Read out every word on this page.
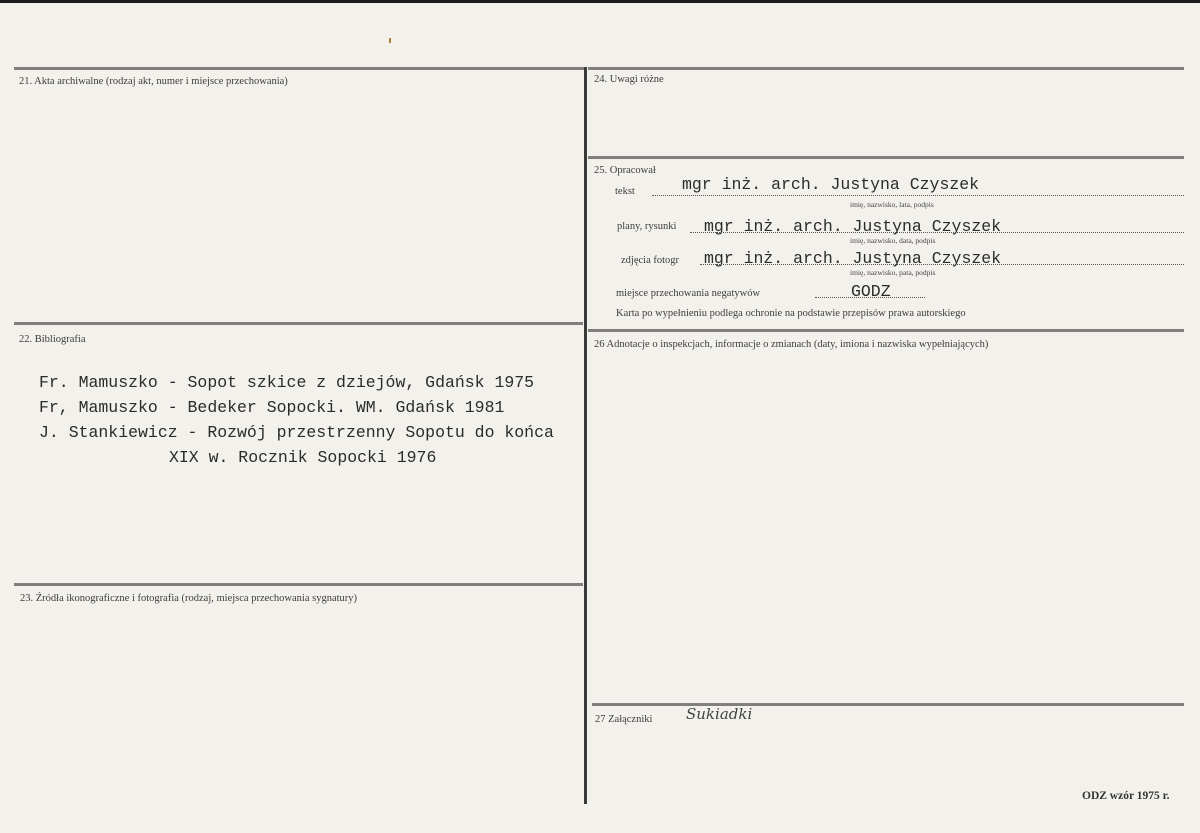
21. Akta archiwalne (rodzaj akt, numer i miejsce przechowania)
22. Bibliografia
Fr. Mamuszko - Sopot szkice z dziejów, Gdańsk 1975
Fr, Mamuszko - Bedeker Sopocki. WM. Gdańsk 1981
J. Stankiewicz - Rozwój przestrzenny Sopotu do końca
XIX w. Rocznik Sopocki 1976
23. Źródła ikonograficzne i fotografia (rodzaj, miejsca przechowania sygnatury)
24. Uwagi różne
25. Opracował
tekst	mgr inż. arch. Justyna Czyszek
imię, nazwisko, lata, podpis
plany, rysunki mgr inż. arch. Justyna Czyszek
imię, nazwisko, data, podpis
zdjęcia fotogr mgr inż. arch. Justyna Czyszek
imię, nazwisko, pata, podpis
miejsce przechowania negatywów	GODZ
Karta po wypełnieniu podlega ochronie na podstawie przepisów prawa autorskiego
26 Adnotacje o inspekcjach, informacje o zmianach (daty, imiona i nazwiska wypełniających)
27 Załączniki Sukiadki
ODZ wzór 1975 r.
